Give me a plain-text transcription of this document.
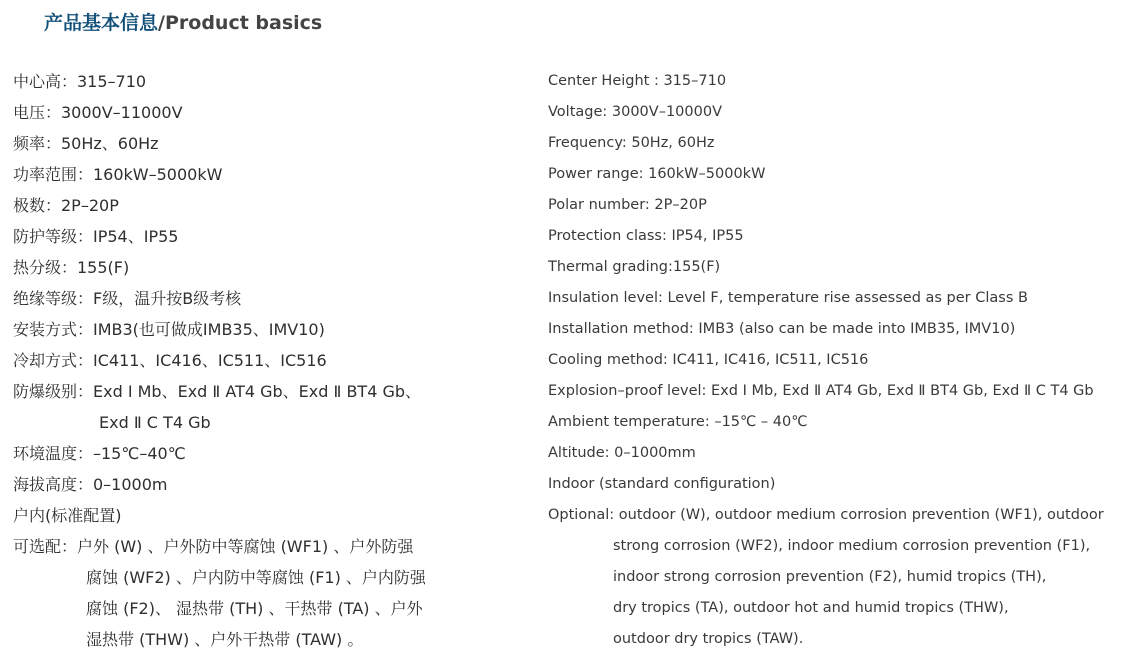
产品基本信息/Product basics
中心高：315–710
电压：3000V–11000V
频率：50Hz、60Hz
功率范围：160kW–5000kW
极数：2P–20P
防护等级：IP54、IP55
热分级：155(F)
绝缘等级：F级，温升按B级考核
安装方式：IMB3(也可做成IMB35、IMV10)
冷却方式：IC411、IC416、IC511、IC516
防爆级别：Exd Ⅰ Mb、Exd Ⅱ AT4 Gb、Exd Ⅱ BT4 Gb、
Exd Ⅱ C T4 Gb
环境温度：–15℃–40℃
海拔高度：0–1000m
户内(标准配置)
可选配：户外 (W) 、户外防中等腐蚀 (WF1) 、户外防强
腐蚀 (WF2) 、户内防中等腐蚀 (F1) 、户内防强
腐蚀 (F2)、 湿热带 (TH) 、干热带 (TA) 、户外
湿热带 (THW) 、户外干热带 (TAW) 。
Center Height : 315–710
Voltage: 3000V–10000V
Frequency: 50Hz, 60Hz
Power range: 160kW–5000kW
Polar number: 2P–20P
Protection class: IP54, IP55
Thermal grading:155(F)
Insulation level: Level F, temperature rise assessed as per Class B
Installation method: IMB3 (also can be made into IMB35, IMV10)
Cooling method: IC411, IC416, IC511, IC516
Explosion–proof level: Exd Ⅰ Mb, Exd Ⅱ AT4 Gb, Exd Ⅱ BT4 Gb, Exd Ⅱ C T4 Gb
Ambient temperature: –15℃ – 40℃
Altitude: 0–1000mm
Indoor (standard configuration)
Optional: outdoor (W), outdoor medium corrosion prevention (WF1), outdoor
strong corrosion (WF2), indoor medium corrosion prevention (F1),
indoor strong corrosion prevention (F2), humid tropics (TH),
dry tropics (TA), outdoor hot and humid tropics (THW),
outdoor dry tropics (TAW).
